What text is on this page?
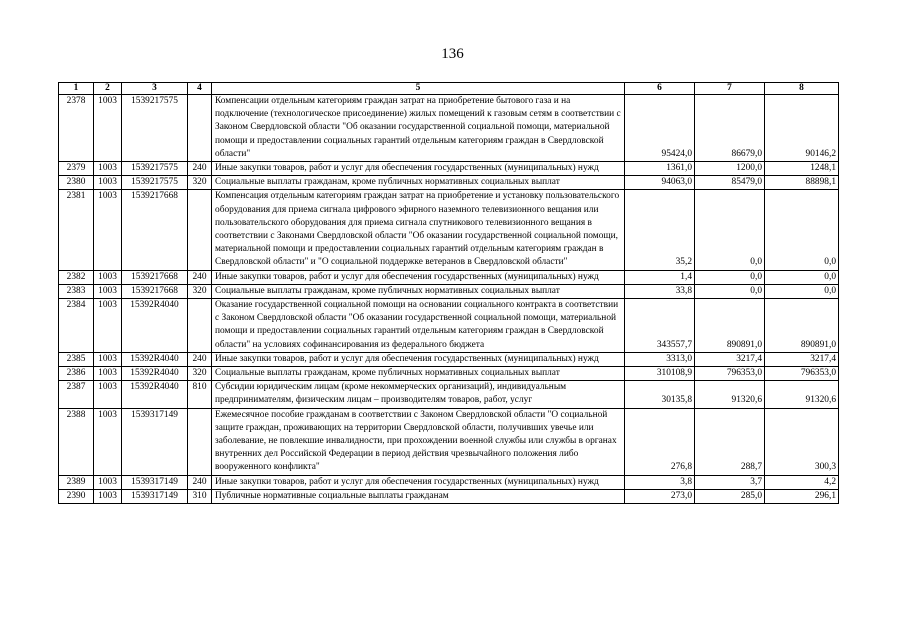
136
1	2	3	4	5	6	7	8
2378	1003	1539217575		Компенсации отдельным категориям граждан затрат на приобретение бытового газа и на подключение (технологическое присоединение) жилых помещений к газовым сетям в соответствии с Законом Свердловской области "Об оказании государственной социальной помощи, материальной помощи и предоставлении социальных гарантий отдельным категориям граждан в Свердловской области"	95424,0	86679,0	90146,2
2379	1003	1539217575	240	Иные закупки товаров, работ и услуг для обеспечения государственных (муниципальных) нужд	1361,0	1200,0	1248,1
2380	1003	1539217575	320	Социальные выплаты гражданам, кроме публичных нормативных социальных выплат	94063,0	85479,0	88898,1
2381	1003	1539217668		Компенсация отдельным категориям граждан затрат на приобретение и установку пользовательского оборудования для приема сигнала цифрового эфирного наземного телевизионного вещания или пользовательского оборудования для приема сигнала спутникового телевизионного вещания в соответствии с Законами Свердловской области "Об оказании государственной социальной помощи, материальной помощи и предоставлении социальных гарантий отдельным категориям граждан в Свердловской области" и "О социальной поддержке ветеранов в Свердловской области"	35,2	0,0	0,0
2382	1003	1539217668	240	Иные закупки товаров, работ и услуг для обеспечения государственных (муниципальных) нужд	1,4	0,0	0,0
2383	1003	1539217668	320	Социальные выплаты гражданам, кроме публичных нормативных социальных выплат	33,8	0,0	0,0
2384	1003	15392R4040		Оказание государственной социальной помощи на основании социального контракта в соответствии с Законом Свердловской области "Об оказании государственной социальной помощи, материальной помощи и предоставлении социальных гарантий отдельным категориям граждан в Свердловской области" на условиях софинансирования из федерального бюджета	343557,7	890891,0	890891,0
2385	1003	15392R4040	240	Иные закупки товаров, работ и услуг для обеспечения государственных (муниципальных) нужд	3313,0	3217,4	3217,4
2386	1003	15392R4040	320	Социальные выплаты гражданам, кроме публичных нормативных социальных выплат	310108,9	796353,0	796353,0
2387	1003	15392R4040	810	Субсидии юридическим лицам (кроме некоммерческих организаций), индивидуальным предпринимателям, физическим лицам – производителям товаров, работ, услуг	30135,8	91320,6	91320,6
2388	1003	1539317149		Ежемесячное пособие гражданам в соответствии с Законом Свердловской области "О социальной защите граждан, проживающих на территории Свердловской области, получивших увечье или заболевание, не повлекшие инвалидности, при прохождении военной службы или службы в органах внутренних дел Российской Федерации в период действия чрезвычайного положения либо вооруженного конфликта"	276,8	288,7	300,3
2389	1003	1539317149	240	Иные закупки товаров, работ и услуг для обеспечения государственных (муниципальных) нужд	3,8	3,7	4,2
2390	1003	1539317149	310	Публичные нормативные социальные выплаты гражданам	273,0	285,0	296,1
